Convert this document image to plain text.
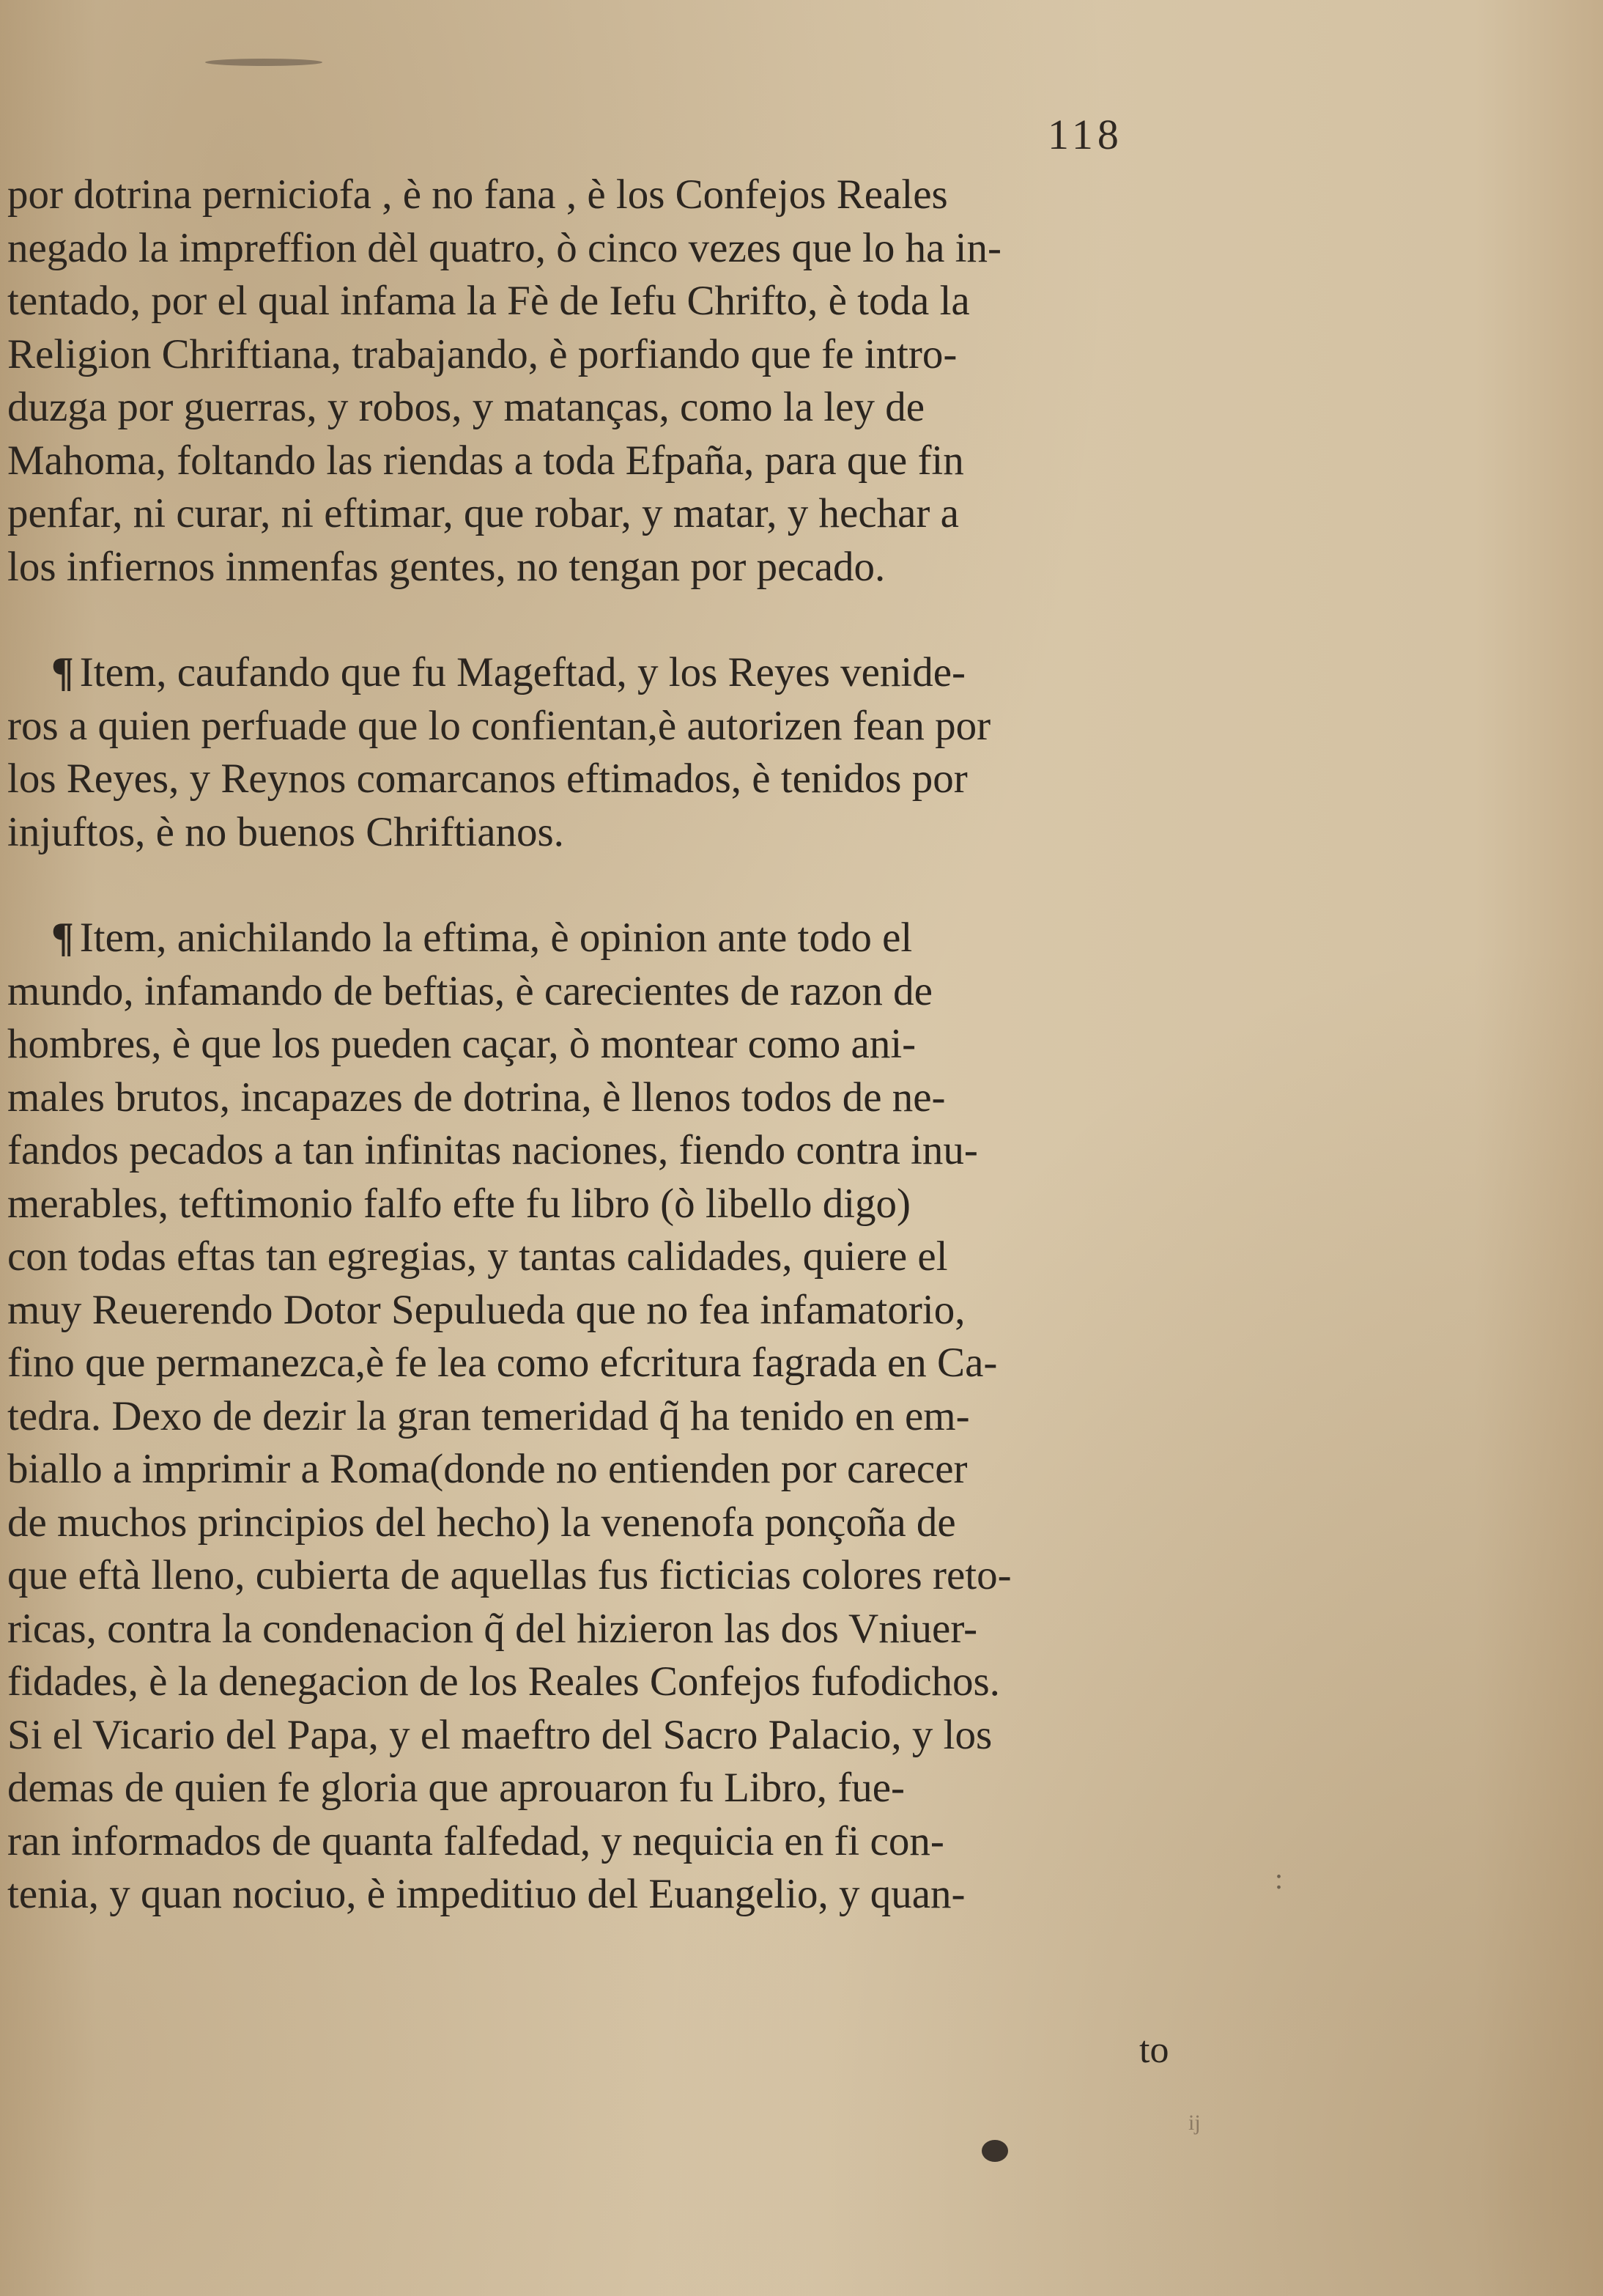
118
por dotrina perniciofa , è no fana , è los Confejos Reales
negado la impreffion dèl quatro, ò cinco vezes que lo ha in-
tentado, por el qual infama la Fè de Iefu Chrifto, è toda la
Religion Chriftiana, trabajando, è porfiando que fe intro-
duzga por guerras, y robos, y matanças, como la ley de
Mahoma, foltando las riendas a toda Efpaña, para que fin
penfar, ni curar, ni eftimar, que robar, y matar, y hechar a
los infiernos inmenfas gentes, no tengan por pecado.
¶ Item, caufando que fu Mageftad, y los Reyes venide-
ros a quien perfuade que lo confientan,è autorizen fean por
los Reyes, y Reynos comarcanos eftimados, è tenidos por
injuftos, è no buenos Chriftianos.
¶ Item, anichilando la eftima, è opinion ante todo el
mundo, infamando de beftias, è carecientes de razon de
hombres, è que los pueden caçar, ò montear como ani-
males brutos, incapazes de dotrina, è llenos todos de ne-
fandos pecados a tan infinitas naciones, fiendo contra inu-
merables, teftimonio falfo efte fu libro (ò libello digo)
con todas eftas tan egregias, y tantas calidades, quiere el
muy Reuerendo Dotor Sepulueda que no fea infamatorio,
fino que permanezca,è fe lea como efcritura fagrada en Ca-
tedra. Dexo de dezir la gran temeridad q̃ ha tenido en em-
biallo a imprimir a Roma(donde no entienden por carecer
de muchos principios del hecho) la venenofa ponçoña de
que eftà lleno, cubierta de aquellas fus ficticias colores reto-
ricas, contra la condenacion q̃ del hizieron las dos Vniuer-
fidades, è la denegacion de los Reales Confejos fufodichos.
Si el Vicario del Papa, y el maeftro del Sacro Palacio, y los
demas de quien fe gloria que aprouaron fu Libro, fue-
ran informados de quanta falfedad, y nequicia en fi con-
tenia, y quan nociuo, è impeditiuo del Euangelio, y quan-
to
ij
:
